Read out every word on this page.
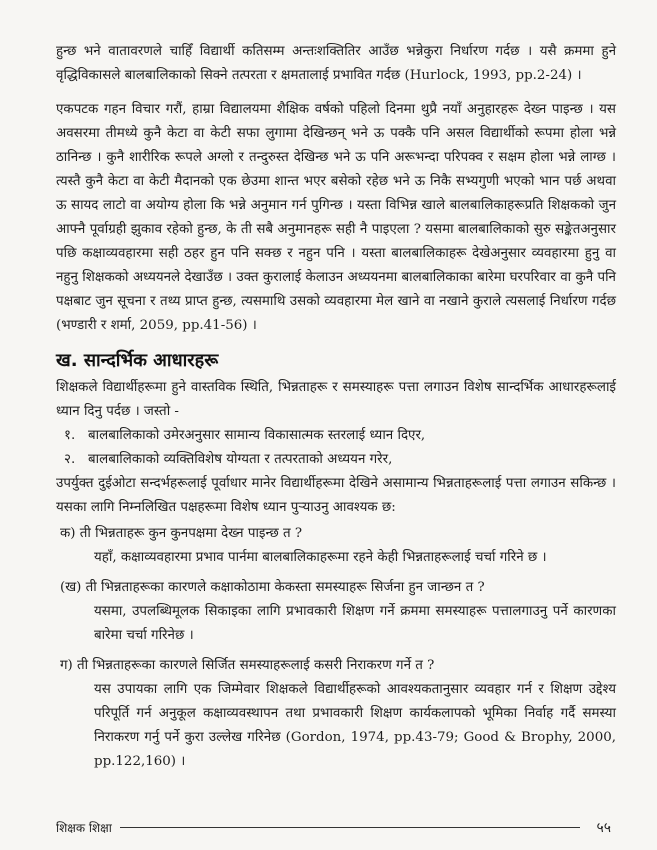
हुन्छ भने वातावरणले चाहिँ विद्यार्थी कतिसम्म अन्तःशक्तितिर आउँछ भन्नेकुरा निर्धारण गर्दछ । यसै क्रममा हुने वृद्धिविकासले बालबालिकाको सिक्ने तत्परता र क्षमतालाई प्रभावित गर्दछ (Hurlock, 1993, pp.2-24) ।

एकपटक गहन विचार गरौं, हाम्रा विद्यालयमा शैक्षिक वर्षको पहिलो दिनमा थुप्रै नयाँ अनुहारहरू देख्न पाइन्छ । यस अवसरमा तीमध्ये कुनै केटा वा केटी सफा लुगामा देखिन्छन् भने ऊ पक्कै पनि असल विद्यार्थीको रूपमा होला भन्ने ठानिन्छ । कुनै शारीरिक रूपले अग्लो र तन्दुरुस्त देखिन्छ भने ऊ पनि अरूभन्दा परिपक्व र सक्षम होला भन्ने लाग्छ । त्यस्तै कुनै केटा वा केटी मैदानको एक छेउमा शान्त भएर बसेको रहेछ भने ऊ निकै सभ्यगुणी भएको भान पर्छ अथवा ऊ सायद लाटो वा अयोग्य होला कि भन्ने अनुमान गर्न पुगिन्छ । यस्ता विभिन्न खाले बालबालिकाहरूप्रति शिक्षकको जुन आफ्नै पूर्वाग्रही झुकाव रहेको हुन्छ, के ती सबै अनुमानहरू सही नै पाइएला ? यसमा बालबालिकाको सुरु सङ्केतअनुसार पछि कक्षाव्यवहारमा सही ठहर हुन पनि सक्छ र नहुन पनि । यस्ता बालबालिकाहरू देखेअनुसार व्यवहारमा हुनु वा नहुनु शिक्षकको अध्ययनले देखाउँछ । उक्त कुरालाई केलाउन अध्ययनमा बालबालिकाका बारेमा घरपरिवार वा कुनै पनि पक्षबाट जुन सूचना र तथ्य प्राप्त हुन्छ, त्यसमाथि उसको व्यवहारमा मेल खाने वा नखाने कुराले त्यसलाई निर्धारण गर्दछ (भण्डारी र शर्मा, 2059, pp.41-56) ।

ख. सान्दर्भिक आधारहरू

शिक्षकले विद्यार्थीहरूमा हुने वास्तविक स्थिति, भिन्नताहरू र समस्याहरू पत्ता लगाउन विशेष सान्दर्भिक आधारहरूलाई ध्यान दिनु पर्दछ । जस्तो -

१. बालबालिकाको उमेरअनुसार सामान्य विकासात्मक स्तरलाई ध्यान दिएर,
२. बालबालिकाको व्यक्तिविशेष योग्यता र तत्परताको अध्ययन गरेर,

उपर्युक्त दुईओटा सन्दर्भहरूलाई पूर्वाधार मानेर विद्यार्थीहरूमा देखिने असामान्य भिन्नताहरूलाई पत्ता लगाउन सकिन्छ । यसका लागि निम्नलिखित पक्षहरूमा विशेष ध्यान पुऱ्याउनु आवश्यक छ:

क) ती भिन्नताहरू कुन कुनपक्षमा देख्न पाइन्छ त ?
यहाँ, कक्षाव्यवहारमा प्रभाव पार्नमा बालबालिकाहरूमा रहने केही भिन्नताहरूलाई चर्चा गरिने छ ।
(ख) ती भिन्नताहरूका कारणले कक्षाकोठामा केकस्ता समस्याहरू सिर्जना हुन जान्छन त ?
यसमा, उपलब्धिमूलक सिकाइका लागि प्रभावकारी शिक्षण गर्ने क्रममा समस्याहरू पत्तालगाउनु पर्ने कारणका बारेमा चर्चा गरिनेछ ।
ग) ती भिन्नताहरूका कारणले सिर्जित समस्याहरूलाई कसरी निराकरण गर्ने त ?
यस उपायका लागि एक जिम्मेवार शिक्षकले विद्यार्थीहरूको आवश्यकतानुसार व्यवहार गर्न र शिक्षण उद्देश्य परिपूर्ति गर्न अनुकूल कक्षाव्यवस्थापन तथा प्रभावकारी शिक्षण कार्यकलापको भूमिका निर्वाह गर्दै समस्या निराकरण गर्नु पर्ने कुरा उल्लेख गरिनेछ (Gordon, 1974, pp.43-79; Good & Brophy, 2000, pp.122,160) ।
शिक्षक शिक्षा	५५
